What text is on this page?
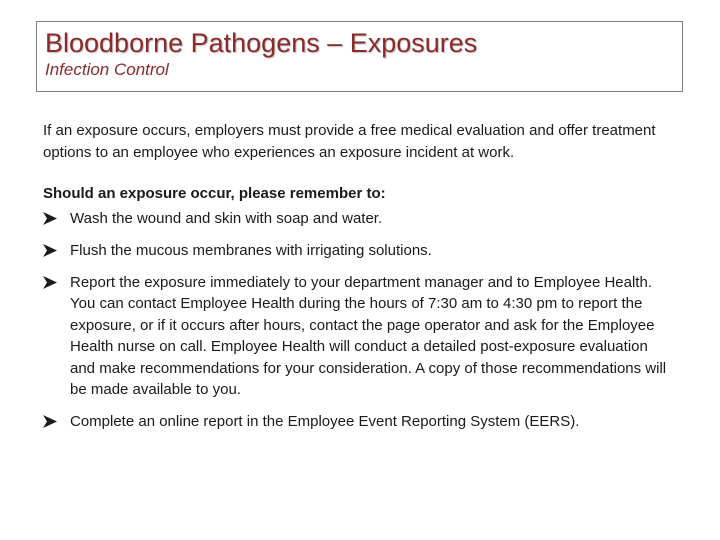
Bloodborne Pathogens – Exposures
Infection Control

If an exposure occurs, employers must provide a free medical evaluation and offer treatment options to an employee who experiences an exposure incident at work.

Should an exposure occur, please remember to:

Wash the wound and skin with soap and water.
Flush the mucous membranes with irrigating solutions.
Report the exposure immediately to your department manager and to Employee Health. You can contact Employee Health during the hours of 7:30 am to 4:30 pm to report the exposure, or if it occurs after hours, contact the page operator and ask for the Employee Health nurse on call. Employee Health will conduct a detailed post-exposure evaluation and make recommendations for your consideration. A copy of those recommendations will be made available to you.
Complete an online report in the Employee Event Reporting System (EERS).
